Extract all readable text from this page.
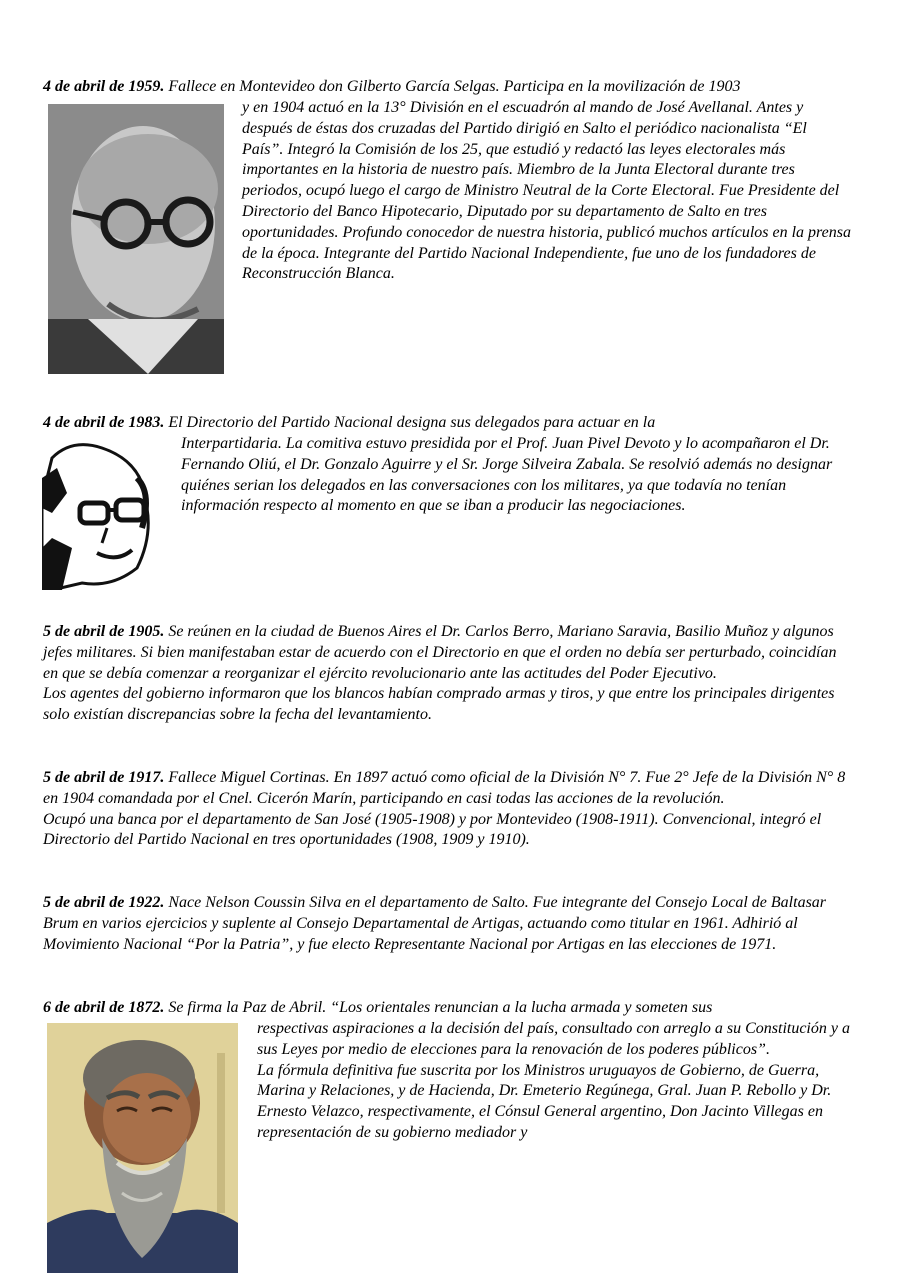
4 de abril de 1959. Fallece en Montevideo don Gilberto García Selgas. Participa en la movilización de 1903

y en 1904 actuó en la 13° División en el escuadrón al mando de José Avellanal. Antes y después de éstas dos cruzadas del Partido dirigió en Salto el periódico nacionalista “El País”. Integró la Comisión de los 25, que estudió y redactó las leyes electorales más importantes en la historia de nuestro país. Miembro de la Junta Electoral durante tres periodos, ocupó luego el cargo de Ministro Neutral de la Corte Electoral. Fue Presidente del Directorio del Banco Hipotecario, Diputado por su departamento de Salto en tres oportunidades. Profundo conocedor de nuestra historia, publicó muchos artículos en la prensa de la época. Integrante del Partido Nacional Independiente, fue uno de los fundadores de Reconstrucción Blanca.

4 de abril de 1983. El Directorio del Partido Nacional designa sus delegados para actuar en la

Interpartidaria. La comitiva estuvo presidida por el Prof. Juan Pivel Devoto y lo acompañaron el Dr. Fernando Oliú, el Dr. Gonzalo Aguirre y el Sr. Jorge Silveira Zabala. Se resolvió además no designar quiénes serian los delegados en las conversaciones con los militares, ya que todavía no tenían información respecto al momento en que se iban a producir las negociaciones.

5 de abril de 1905. Se reúnen en la ciudad de Buenos Aires el Dr. Carlos Berro, Mariano Saravia, Basilio Muñoz y algunos jefes militares. Si bien manifestaban estar de acuerdo con el Directorio en que el orden no debía ser perturbado, coincidían en que se debía comenzar a reorganizar el ejército revolucionario ante las actitudes del Poder Ejecutivo.

Los agentes del gobierno informaron que los blancos habían comprado armas y tiros, y que entre los principales dirigentes solo existían discrepancias sobre la fecha del levantamiento.

5 de abril de 1917. Fallece Miguel Cortinas. En 1897 actuó como oficial de la División N° 7. Fue 2° Jefe de la División N° 8 en 1904 comandada por el Cnel. Cicerón Marín, participando en casi todas las acciones de la revolución.

Ocupó una banca por el departamento de San José (1905-1908) y por Montevideo (1908-1911). Convencional, integró el Directorio del Partido Nacional en tres oportunidades (1908, 1909 y 1910).

5 de abril de 1922. Nace Nelson Coussin Silva en el departamento de Salto. Fue integrante del Consejo Local de Baltasar Brum en varios ejercicios y suplente al Consejo Departamental de Artigas, actuando como titular en 1961. Adhirió al Movimiento Nacional “Por la Patria”, y fue electo Representante Nacional por Artigas en las elecciones de 1971.

6 de abril de 1872. Se firma la Paz de Abril. “Los orientales renuncian a la lucha armada y someten sus

respectivas aspiraciones a la decisión del país, consultado con arreglo a su Constitución y a sus Leyes por medio de elecciones para la renovación de los poderes públicos”.

La fórmula definitiva fue suscrita por los Ministros uruguayos de Gobierno, de Guerra, Marina y Relaciones, y de Hacienda, Dr. Emeterio Regúnega, Gral. Juan P. Rebollo y Dr. Ernesto Velazco, respectivamente, el Cónsul General argentino, Don Jacinto Villegas en representación de su gobierno mediador y
